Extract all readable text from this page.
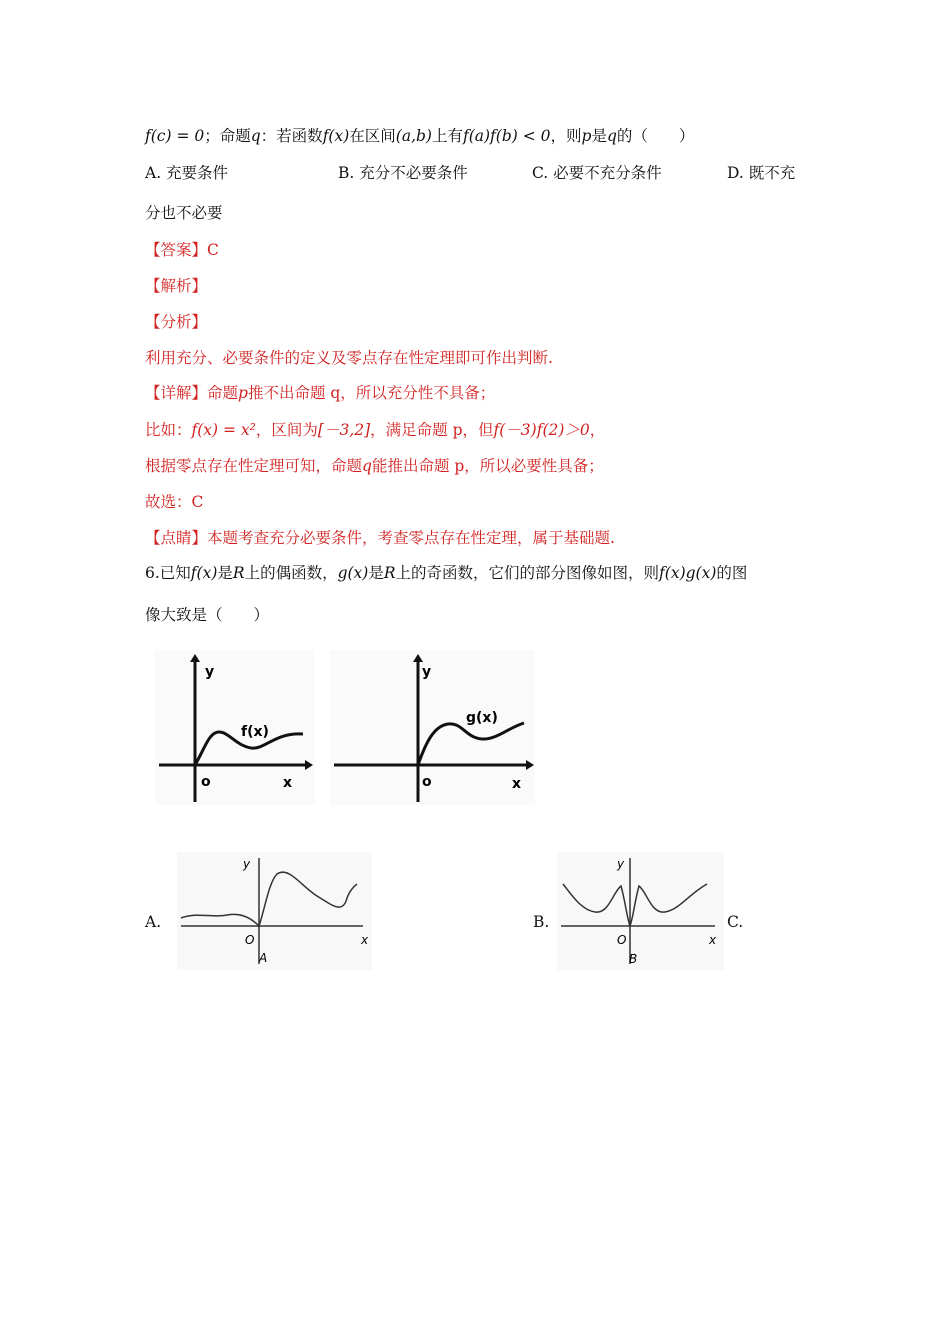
f(c) = 0；命题q：若函数f(x)在区间(a,b)上有f(a)f(b) < 0，则p是q的（　　）
A. 充要条件	B. 充分不必要条件	C. 必要不充分条件	D. 既不充
分也不必要
【答案】C
【解析】
【分析】
利用充分、必要条件的定义及零点存在性定理即可作出判断.
【详解】命题p推不出命题 q，所以充分性不具备；
比如：f(x) = x²，区间为[－3,2]，满足命题 p，但f(－3)f(2)＞0，
根据零点存在性定理可知，命题q能推出命题 p，所以必要性具备；
故选：C
【点睛】本题考查充分必要条件，考查零点存在性定理，属于基础题.
6.已知f(x)是R上的偶函数，g(x)是R上的奇函数，它们的部分图像如图，则f(x)g(x)的图
像大致是（　　）
y
o	x
f(x)
y
o	x
g(x)
A.
y
O	x
A
B.
y
O	x
B
C.
